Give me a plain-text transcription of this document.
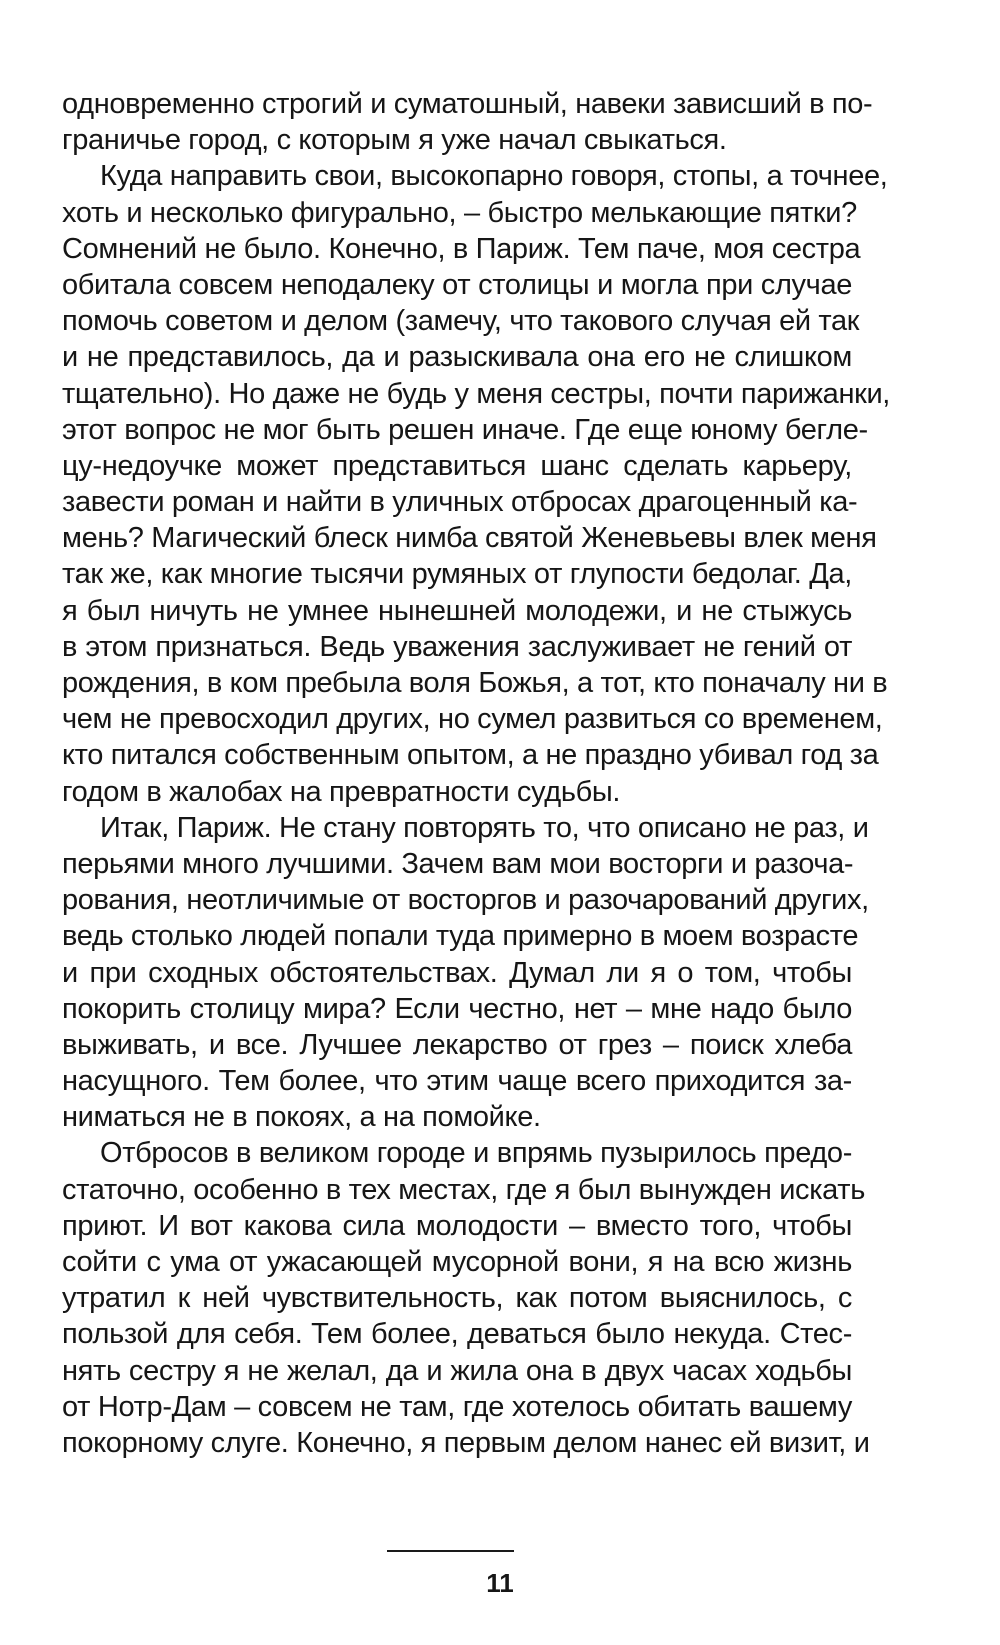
одновременно строгий и суматошный, навеки зависший в по-
граничье город, с которым я уже начал свыкаться.
Куда направить свои, высокопарно говоря, стопы, а точнее,
хоть и несколько фигурально, – быстро мелькающие пятки?
Сомнений не было. Конечно, в Париж. Тем паче, моя сестра
обитала совсем неподалеку от столицы и могла при случае
помочь советом и делом (замечу, что такового случая ей так
и не представилось, да и разыскивала она его не слишком
тщательно). Но даже не будь у меня сестры, почти парижанки,
этот вопрос не мог быть решен иначе. Где еще юному бегле-
цу-недоучке может представиться шанс сделать карьеру,
завести роман и найти в уличных отбросах драгоценный ка-
мень? Магический блеск нимба святой Женевьевы влек меня
так же, как многие тысячи румяных от глупости бедолаг. Да,
я был ничуть не умнее нынешней молодежи, и не стыжусь
в этом признаться. Ведь уважения заслуживает не гений от
рождения, в ком пребыла воля Божья, а тот, кто поначалу ни в
чем не превосходил других, но сумел развиться со временем,
кто питался собственным опытом, а не праздно убивал год за
годом в жалобах на превратности судьбы.
Итак, Париж. Не стану повторять то, что описано не раз, и
перьями много лучшими. Зачем вам мои восторги и разоча-
рования, неотличимые от восторгов и разочарований других,
ведь столько людей попали туда примерно в моем возрасте
и при сходных обстоятельствах. Думал ли я о том, чтобы
покорить столицу мира? Если честно, нет – мне надо было
выживать, и все. Лучшее лекарство от грез – поиск хлеба
насущного. Тем более, что этим чаще всего приходится за-
ниматься не в покоях, а на помойке.
Отбросов в великом городе и впрямь пузырилось предо-
статочно, особенно в тех местах, где я был вынужден искать
приют. И вот какова сила молодости – вместо того, чтобы
сойти с ума от ужасающей мусорной вони, я на всю жизнь
утратил к ней чувствительность, как потом выяснилось, с
пользой для себя. Тем более, деваться было некуда. Стес-
нять сестру я не желал, да и жила она в двух часах ходьбы
от Нотр-Дам – совсем не там, где хотелось обитать вашему
покорному слуге. Конечно, я первым делом нанес ей визит, и
11
